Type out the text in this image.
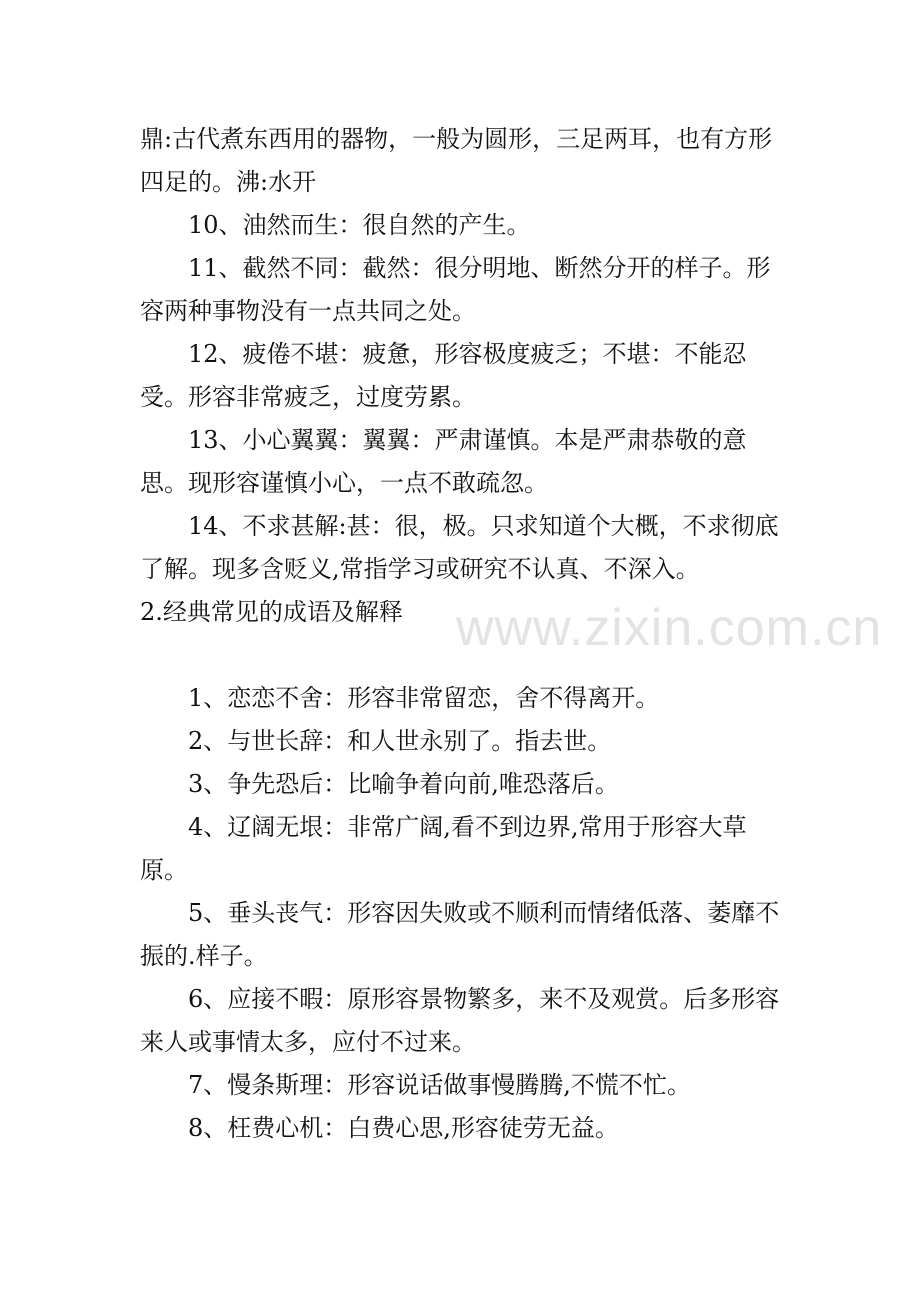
鼎:古代煮东西用的器物，一般为圆形，三足两耳，也有方形四足的。沸:水开

10、油然而生：很自然的产生。

11、截然不同：截然：很分明地、断然分开的样子。形容两种事物没有一点共同之处。

12、疲倦不堪：疲惫，形容极度疲乏；不堪：不能忍受。形容非常疲乏，过度劳累。

13、小心翼翼：翼翼：严肃谨慎。本是严肃恭敬的意思。现形容谨慎小心，一点不敢疏忽。

14、不求甚解:甚：很，极。只求知道个大概，不求彻底了解。现多含贬义,常指学习或研究不认真、不深入。

2.经典常见的成语及解释

1、恋恋不舍：形容非常留恋，舍不得离开。

2、与世长辞：和人世永别了。指去世。

3、争先恐后：比喻争着向前,唯恐落后。

4、辽阔无垠：非常广阔,看不到边界,常用于形容大草原。

5、垂头丧气：形容因失败或不顺利而情绪低落、萎靡不振的.样子。

6、应接不暇：原形容景物繁多，来不及观赏。后多形容来人或事情太多，应付不过来。

7、慢条斯理：形容说话做事慢腾腾,不慌不忙。

8、枉费心机：白费心思,形容徒劳无益。

www.zixin.com.cn
